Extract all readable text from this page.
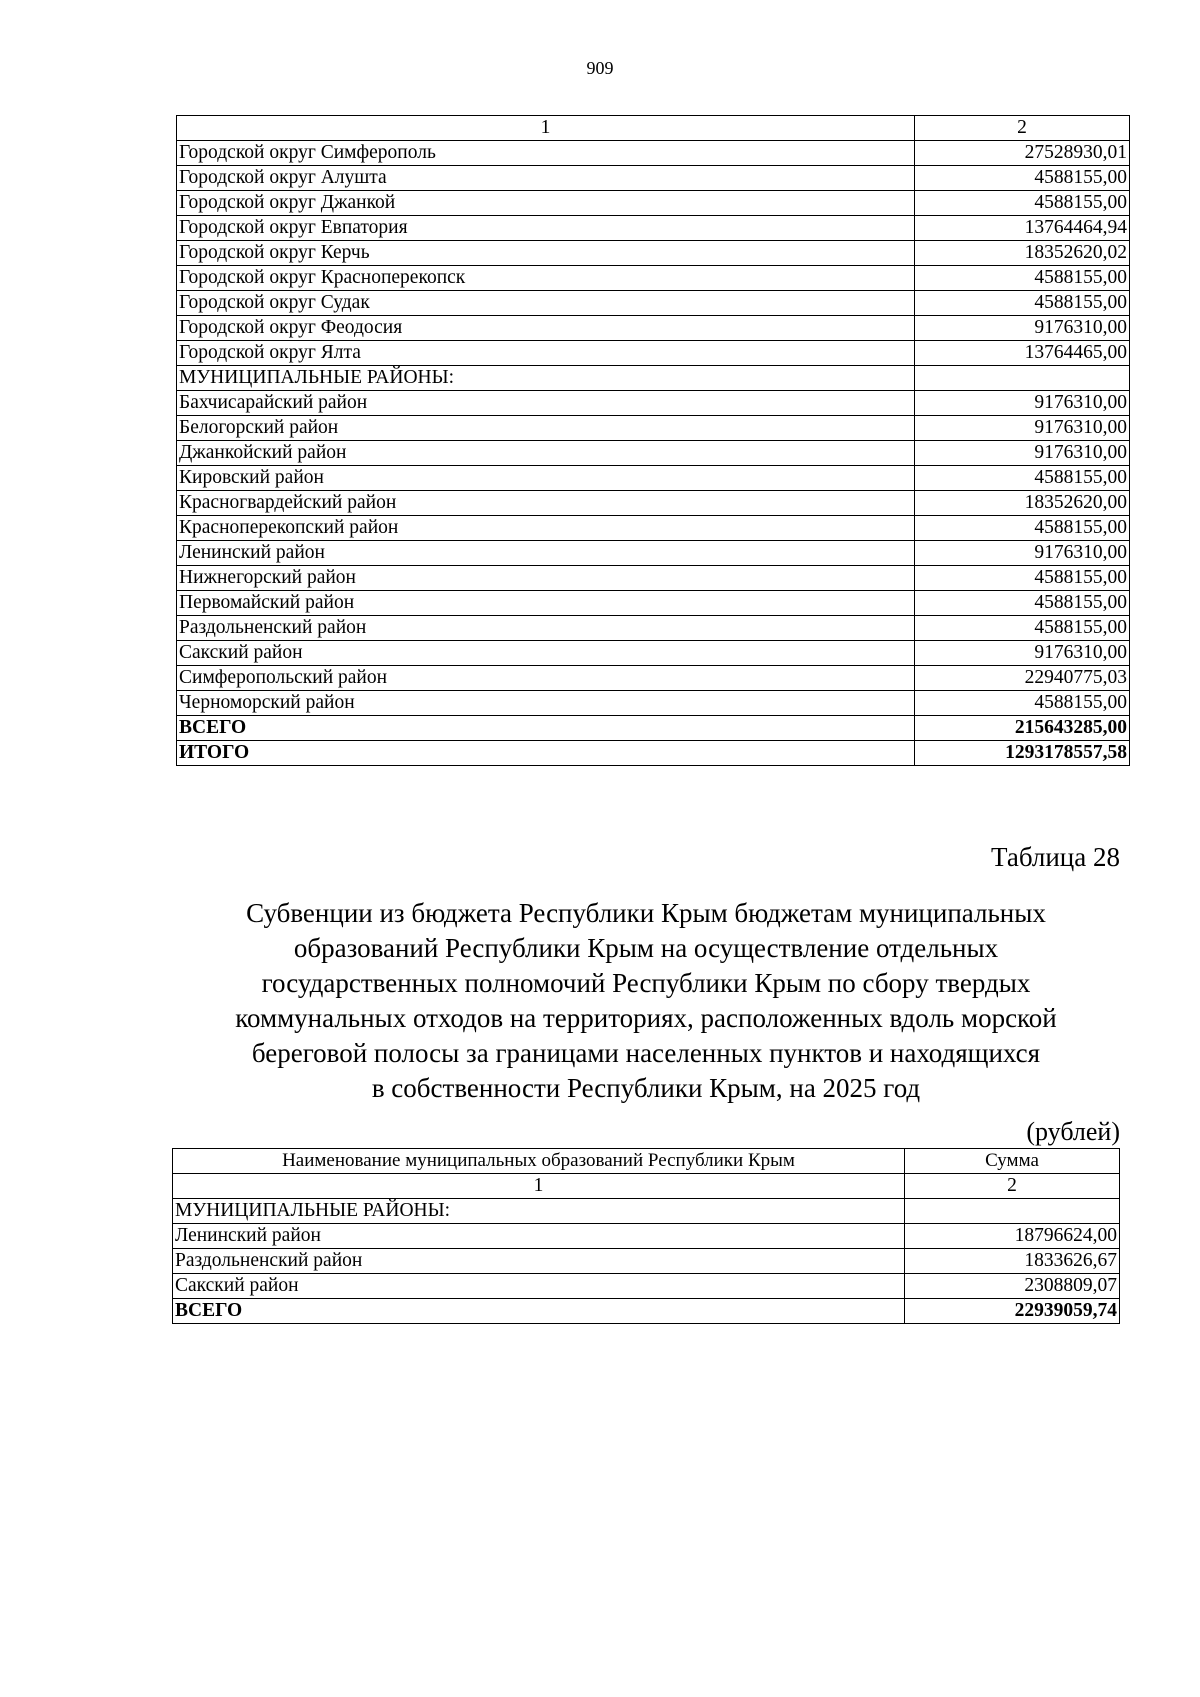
909
1	2
Городской округ Симферополь	27528930,01
Городской округ Алушта	4588155,00
Городской округ Джанкой	4588155,00
Городской округ Евпатория	13764464,94
Городской округ Керчь	18352620,02
Городской округ Красноперекопск	4588155,00
Городской округ Судак	4588155,00
Городской округ Феодосия	9176310,00
Городской округ Ялта	13764465,00
МУНИЦИПАЛЬНЫЕ РАЙОНЫ:	
Бахчисарайский район	9176310,00
Белогорский район	9176310,00
Джанкойский район	9176310,00
Кировский район	4588155,00
Красногвардейский район	18352620,00
Красноперекопский район	4588155,00
Ленинский район	9176310,00
Нижнегорский район	4588155,00
Первомайский район	4588155,00
Раздольненский район	4588155,00
Сакский район	9176310,00
Симферопольский район	22940775,03
Черноморский район	4588155,00
ВСЕГО	215643285,00
ИТОГО	1293178557,58
Таблица 28
Субвенции из бюджета Республики Крым бюджетам муниципальных
образований Республики Крым на осуществление отдельных
государственных полномочий Республики Крым по сбору твердых
коммунальных отходов на территориях, расположенных вдоль морской
береговой полосы за границами населенных пунктов и находящихся
в собственности Республики Крым, на 2025 год
(рублей)
Наименование муниципальных образований Республики Крым	Сумма
1	2
МУНИЦИПАЛЬНЫЕ РАЙОНЫ:	
Ленинский район	18796624,00
Раздольненский район	1833626,67
Сакский район	2308809,07
ВСЕГО	22939059,74
